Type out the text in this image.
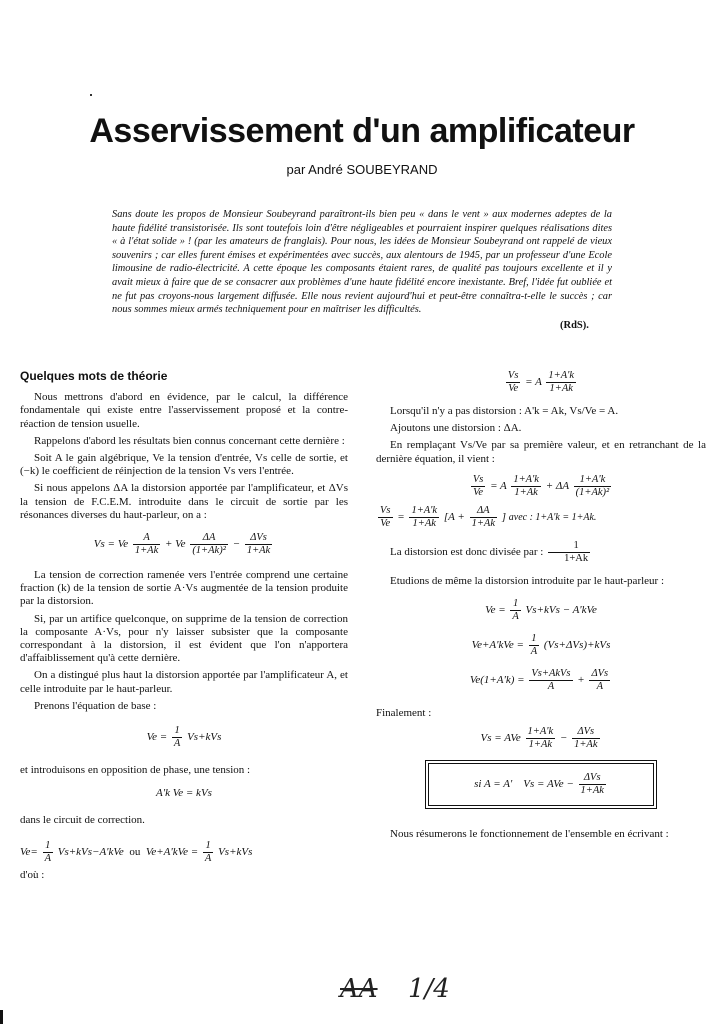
Asservissement d'un amplificateur
par André SOUBEYRAND
Sans doute les propos de Monsieur Soubeyrand paraîtront-ils bien peu « dans le vent » aux modernes adeptes de la haute fidélité transistorisée. Ils sont toutefois loin d'être négligeables et pourraient inspirer quelques réalisations dites « à l'état solide » ! (par les amateurs de franglais). Pour nous, les idées de Monsieur Soubeyrand ont rappelé de vieux souvenirs ; car elles furent émises et expérimentées avec succès, aux alentours de 1945, par un professeur d'une Ecole limousine de radio-électricité. A cette époque les composants étaient rares, de qualité pas toujours excellente et il y avait mieux à faire que de se consacrer aux problèmes d'une haute fidélité encore inexistante. Bref, l'idée fut oubliée et ne fut pas croyons-nous largement diffusée. Elle nous revient aujourd'hui et peut-être connaîtra-t-elle le succès ; car nous sommes mieux armés techniquement pour en maîtriser les difficultés.
(RdS).
Quelques mots de théorie

Nous mettrons d'abord en évidence, par le calcul, la différence fondamentale qui existe entre l'asservissement proposé et la contre-réaction de tension usuelle.

Rappelons d'abord les résultats bien connus concernant cette dernière :

Soit A le gain algébrique, Ve la tension d'entrée, Vs celle de sortie, et (−k) le coefficient de réinjection de la tension Vs vers l'entrée.

Si nous appelons ΔA la distorsion apportée par l'amplificateur, et ΔVs la tension de F.C.E.M. introduite dans le circuit de sortie par les résonances diverses du haut-parleur, on a :

Vs = Ve $\frac{A}{1+Ak} + Ve \frac{\Delta A}{\text{(1+Ak)²}} - \frac{\text{ΔVs}}{1+Ak}$

La tension de correction ramenée vers l'entrée comprend une certaine fraction (k) de la tension de sortie A·Vs augmentée de la tension produite par la distorsion.

Si, par un artifice quelconque, on supprime de la tension de correction la composante A·Vs, pour n'y laisser subsister que la composante correspondant à la distorsion, il est évident que l'on n'apportera d'affaiblissement qu'à cette dernière.

On a distingué plus haut la distorsion apportée par l'amplificateur A, et celle introduite par le haut-parleur.

Prenons l'équation de base :

$Ve = \frac{1}{A} Vs+kVs$

et introduisons en opposition de phase, une tension :

A'k Ve = kVs

dans le circuit de correction.

$Ve= \frac{1}{A} Vs+kVs-A'kVe$ ou $Ve+A'kVe = \frac{1}{A} Vs+kVs$

d'où :

$\frac{Vs}{Ve} = A \frac{1+A'k}{1+Ak}$

Lorsqu'il n'y a pas distorsion : A'k = Ak, Vs/Ve = A.

Ajoutons une distorsion : ΔA.

En remplaçant Vs/Ve par sa première valeur, et en retranchant de la dernière équation, il vient :

$\frac{Vs}{Ve} = A \frac{1+A'k}{1+Ak} + \Delta A \frac{1+A'k}{\text{(1+Ak)²}}$
$\frac{Vs}{Ve} = \frac{1+A'k}{1+Ak} [A + \frac{\Delta A}{1+Ak}$ ] avec : 1+A'k = 1+Ak.

La distorsion est donc divisée par : $\frac{1}{1+Ak}$

Etudions de même la distorsion introduite par le haut-parleur :

$Ve = \frac{1}{A} Vs+kVs - A'kVe$
$Ve+A'kVe = \frac{1}{A} (Vs+\Delta Vs)+kVs$
$Ve(1+A'k) = \frac{\text{Vs+AkVs}}{A} + \frac{\text{ΔVs}}{A}$

Finalement :

Vs = AVe $\frac{1+A'k}{1+Ak} - \frac{\text{ΔVs}}{1+Ak}$
si A = A' Vs = AVe − $\frac{\text{ΔVs}}{1+Ak}$

Nous résumerons le fonctionnement de l'ensemble en écrivant :

AA 1/4
